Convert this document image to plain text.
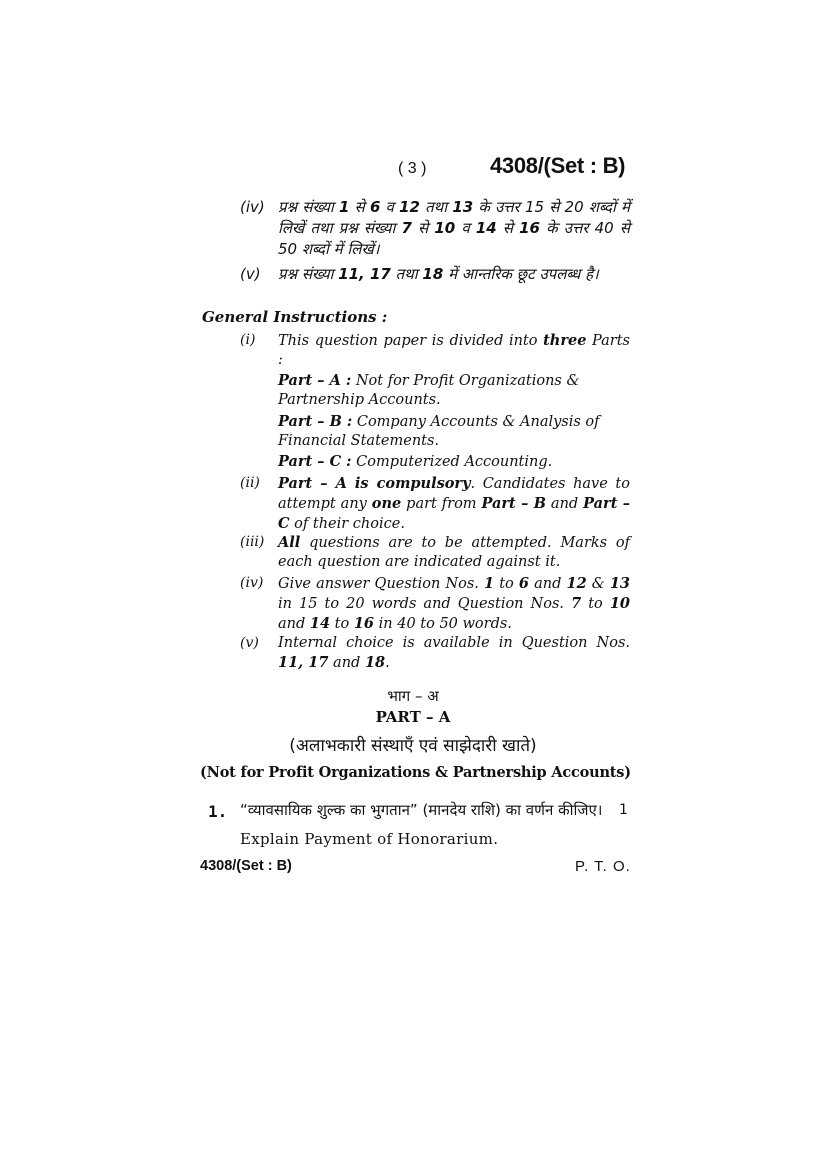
( 3 )	4308/(Set : B)
(iv) प्रश्न संख्या 1 से 6 व 12 तथा 13 के उत्तर 15 से 20 शब्दों में लिखें तथा प्रश्न संख्या 7 से 10 व 14 से 16 के उत्तर 40 से 50 शब्दों में लिखें।
(v) प्रश्न संख्या 11, 17 तथा 18 में आन्तरिक छूट उपलब्ध है।
General Instructions :
(i) This question paper is divided into three Parts :
Part – A : Not for Profit Organizations & Partnership Accounts.
Part – B : Company Accounts & Analysis of Financial Statements.
Part – C : Computerized Accounting.
(ii) Part – A is compulsory. Candidates have to attempt any one part from Part – B and Part – C of their choice.
(iii) All questions are to be attempted. Marks of each question are indicated against it.
(iv) Give answer Question Nos. 1 to 6 and 12 & 13 in 15 to 20 words and Question Nos. 7 to 10 and 14 to 16 in 40 to 50 words.
(v) Internal choice is available in Question Nos. 11, 17 and 18.
भाग – अ
PART – A
(अलाभकारी संस्थाएँ एवं साझेदारी खाते)
(Not for Profit Organizations & Partnership Accounts)
1. “व्यावसायिक शुल्क का भुगतान” (मानदेय राशि) का वर्णन कीजिए। 1
Explain Payment of Honorarium.
4308/(Set : B)	P. T. O.
